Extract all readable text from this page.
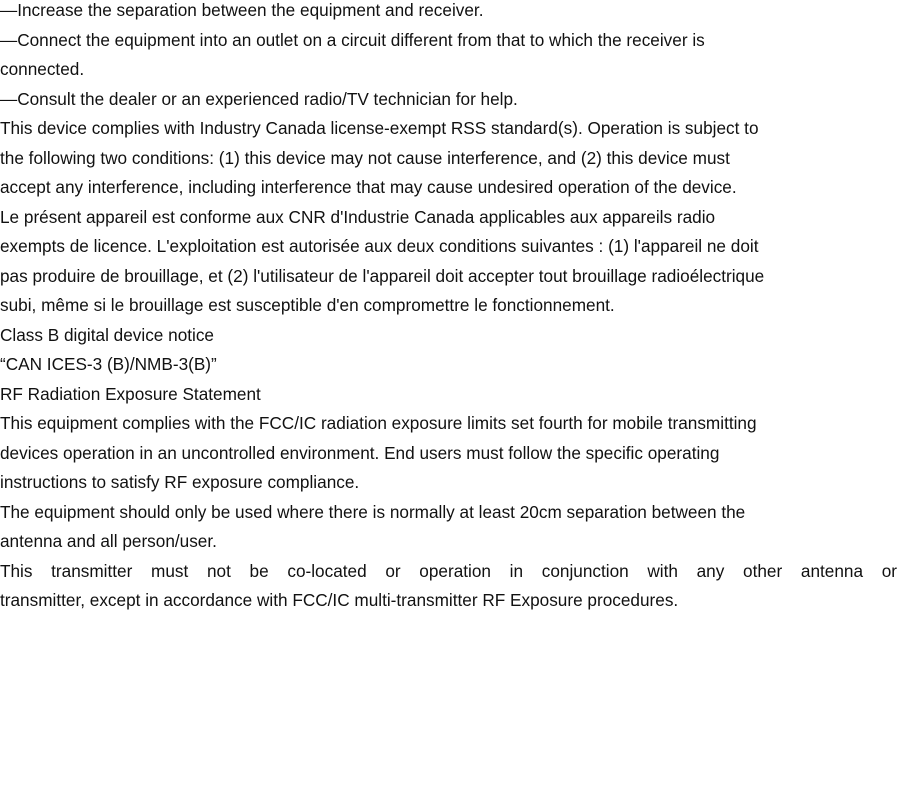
—Increase the separation between the equipment and receiver.
—Connect the equipment into an outlet on a circuit different from that to which the receiver is
connected.
—Consult the dealer or an experienced radio/TV technician for help.
This device complies with Industry Canada license-exempt RSS standard(s). Operation is subject to
the following two conditions: (1) this device may not cause interference, and (2) this device must
accept any interference, including interference that may cause undesired operation of the device.
Le présent appareil est conforme aux CNR d'Industrie Canada applicables aux appareils radio
exempts de licence. L'exploitation est autorisée aux deux conditions suivantes : (1) l'appareil ne doit
pas produire de brouillage, et (2) l'utilisateur de l'appareil doit accepter tout brouillage radioélectrique
subi, même si le brouillage est susceptible d'en compromettre le fonctionnement.
Class B digital device notice
“CAN ICES-3 (B)/NMB-3(B)”
RF Radiation Exposure Statement
This equipment complies with the FCC/IC radiation exposure limits set fourth for mobile transmitting
devices operation in an uncontrolled environment. End users must follow the specific operating
instructions to satisfy RF exposure compliance.
The equipment should only be used where there is normally at least 20cm separation between the
antenna and all person/user.
This transmitter must not be co-located or operation in conjunction with any other antenna or
transmitter, except in accordance with FCC/IC multi-transmitter RF Exposure procedures.
